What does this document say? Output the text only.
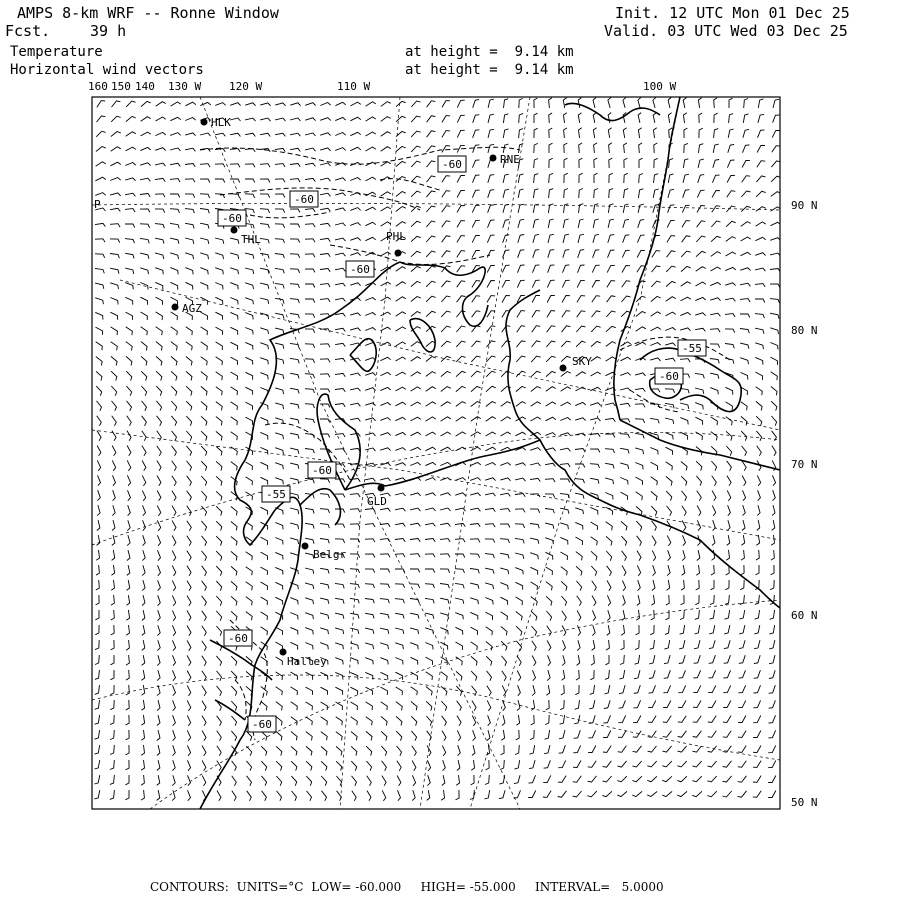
AMPS 8-km WRF -- Ronne Window
Fcst.	39 h
Init. 12 UTC Mon 01 Dec 25
Valid. 03 UTC Wed 03 Dec 25
Temperature
Horizontal wind vectors
at height =  9.14 km
at height =  9.14 km
160 150 140 130 W	120 W	110 W	100 W
90 N
80 N
70 N
60 N
50 N
P
HLK
RNE
THL	PHL
AGZ
SKY
GLD
Belgr
Halley
-60
-60
-60
-60
-55
-60
-60
-55
-60
-60
CONTOURS: UNITS=°C LOW= -60.000 HIGH= -55.000 INTERVAL=   5.0000
